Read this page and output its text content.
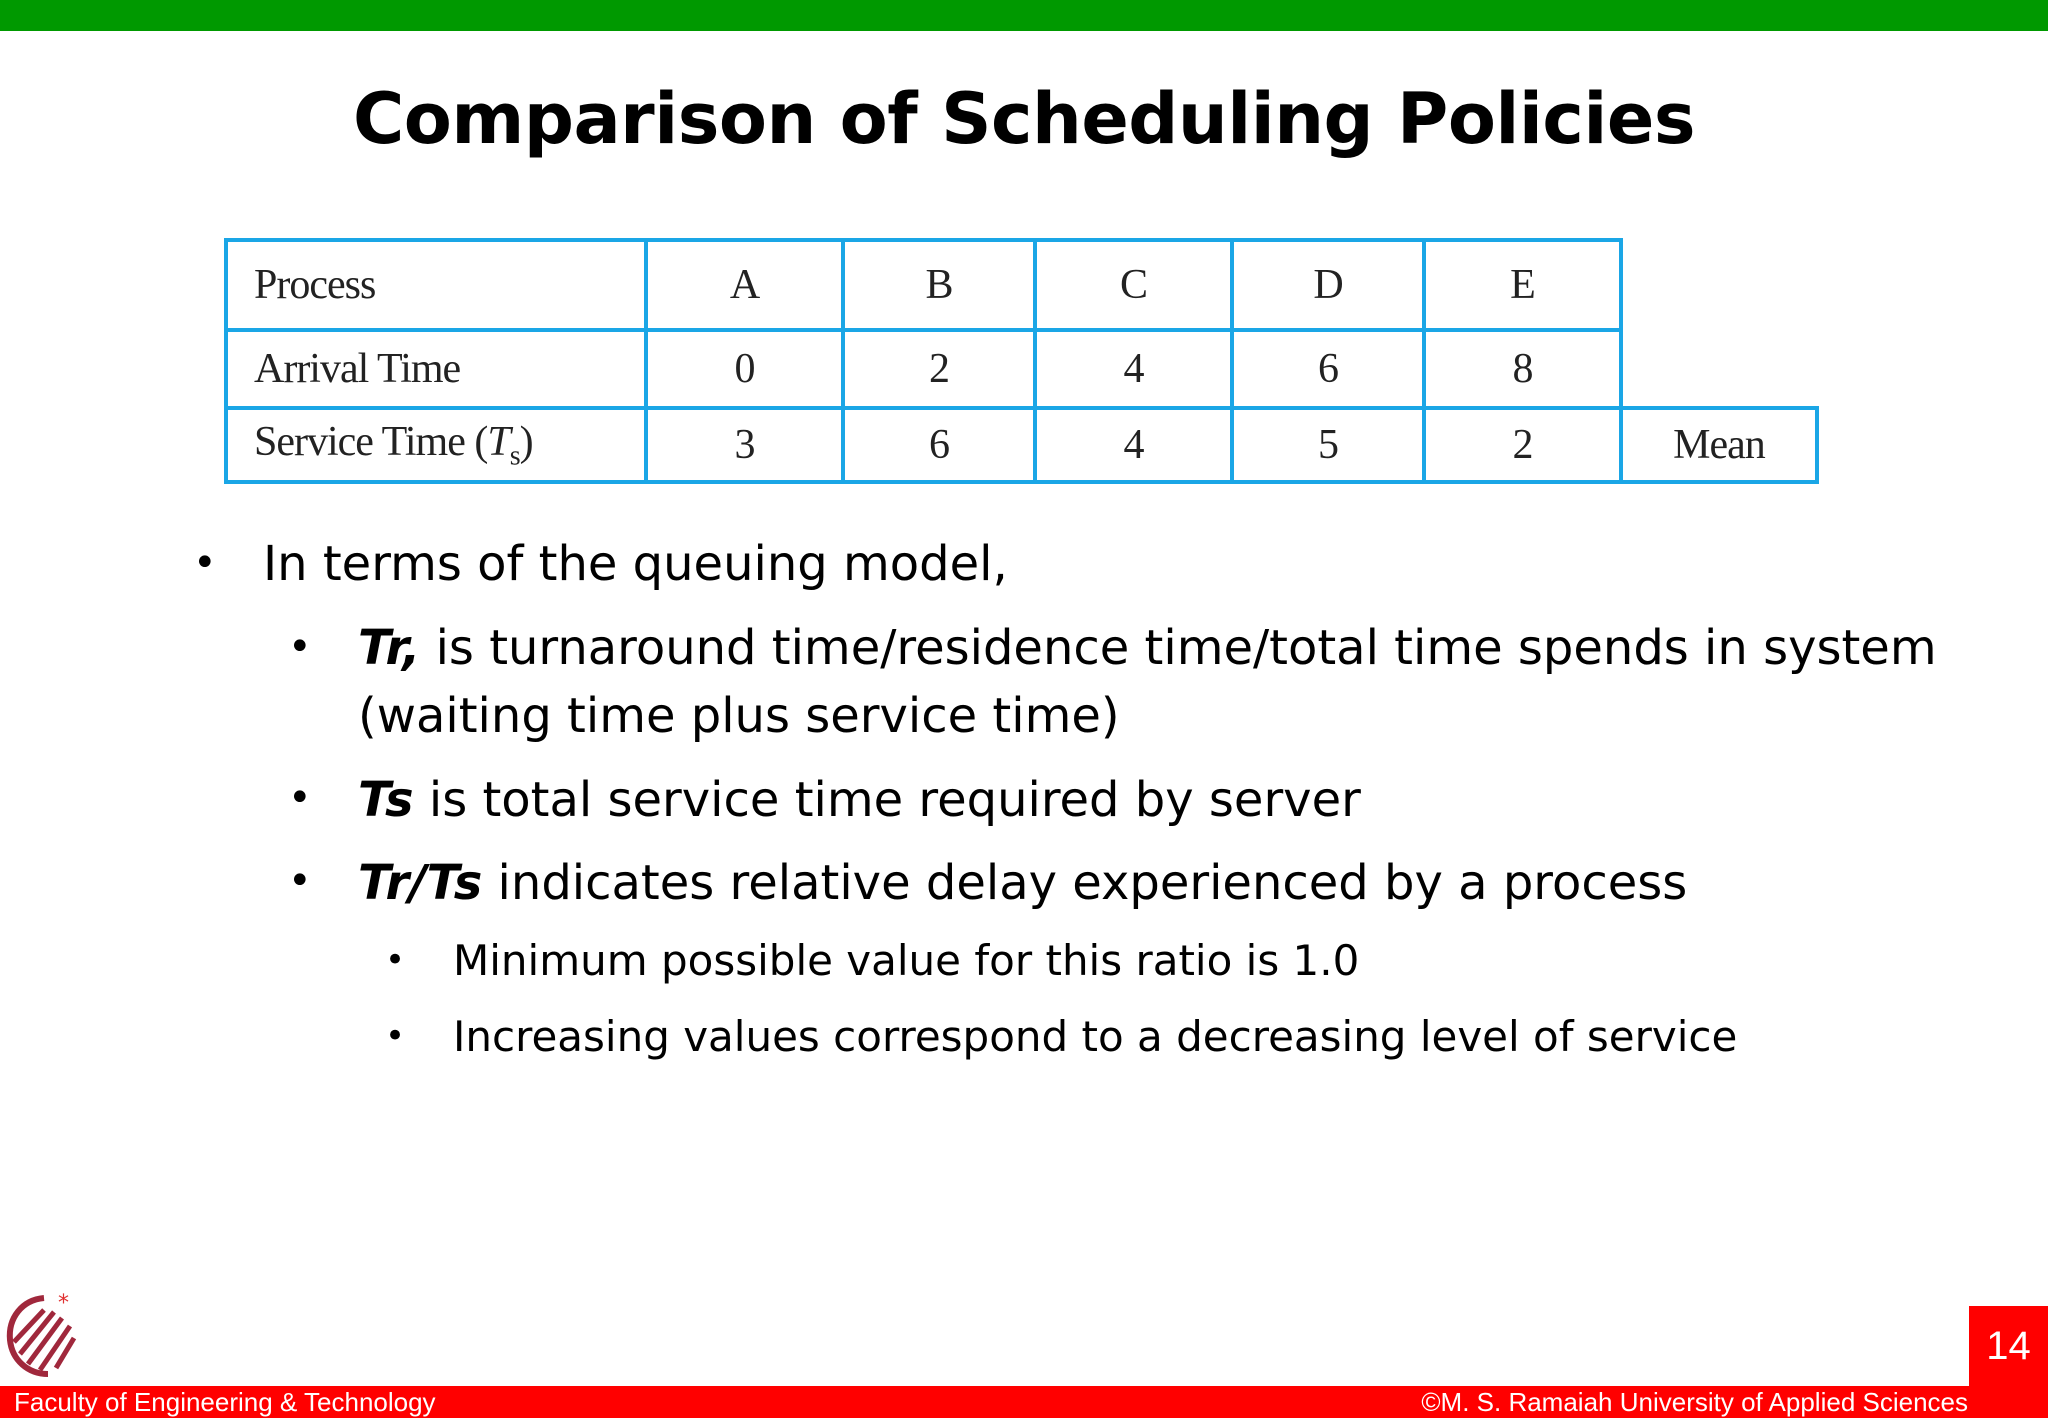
Comparison of Scheduling Policies
Process	A	B	C	D	E	
Arrival Time	0	2	4	6	8	
Service Time $(T_s)$	3	6	4	5	2	Mean
• In terms of the queuing model,
• Tr, is turnaround time/residence time/total time spends in system
(waiting time plus service time)
• Ts is total service time required by server
• Tr/Ts indicates relative delay experienced by a process
• Minimum possible value for this ratio is 1.0
• Increasing values correspond to a decreasing level of service
*
14
Faculty of Engineering & Technology	©M. S. Ramaiah University of Applied Sciences
